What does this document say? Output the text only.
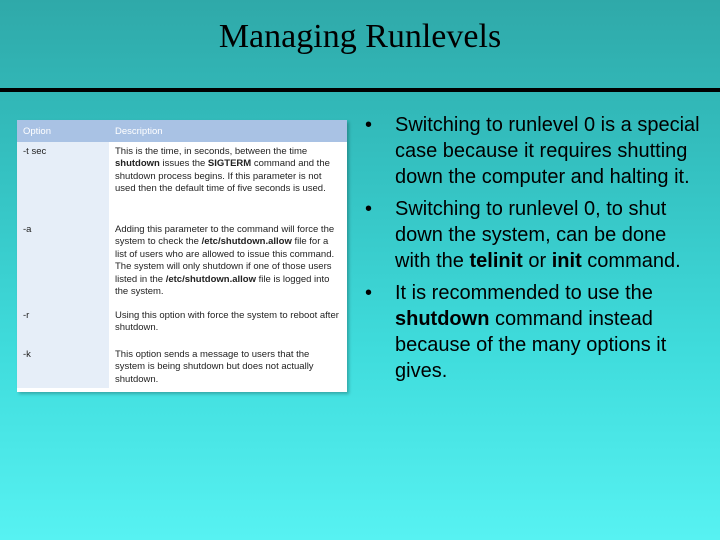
Managing Runlevels
Option	Description
-t sec	This is the time, in seconds, between the time shutdown issues the SIGTERM command and the shutdown process begins. If this parameter is not used then the default time of five seconds is used.
-a	Adding this parameter to the command will force the system to check the /etc/shutdown.allow file for a list of users who are allowed to issue this command. The system will only shutdown if one of those users listed in the /etc/shutdown.allow file is logged into the system.
-r	Using this option with force the system to reboot after shutdown.
-k	This option sends a message to users that the system is being shutdown but does not actually shutdown.
• Switching to runlevel 0 is a special case because it requires shutting down the computer and halting it.
• Switching to runlevel 0, to shut down the system, can be done with the telinit or init command.
• It is recommended to use the shutdown command instead because of the many options it gives.
